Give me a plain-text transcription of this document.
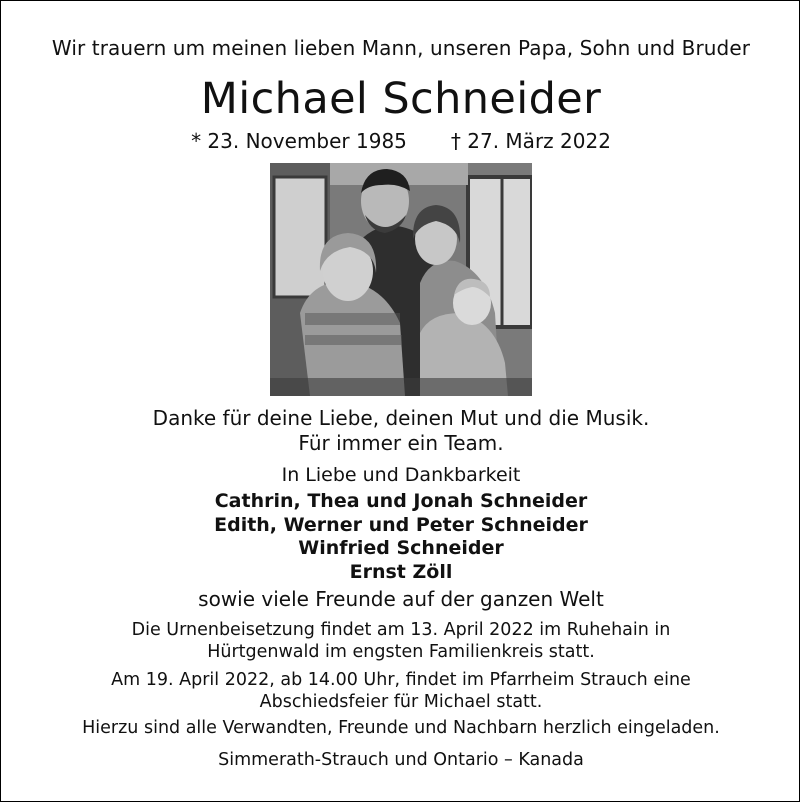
Wir trauern um meinen lieben Mann, unseren Papa, Sohn und Bruder
Michael Schneider
* 23. November 1985 † 27. März 2022
Danke für deine Liebe, deinen Mut und die Musik.
Für immer ein Team.
In Liebe und Dankbarkeit
Cathrin, Thea und Jonah Schneider
Edith, Werner und Peter Schneider
Winfried Schneider
Ernst Zöll
sowie viele Freunde auf der ganzen Welt
Die Urnenbeisetzung findet am 13. April 2022 im Ruhehain in
Hürtgenwald im engsten Familienkreis statt.
Am 19. April 2022, ab 14.00 Uhr, findet im Pfarrheim Strauch eine
Abschiedsfeier für Michael statt.
Hierzu sind alle Verwandten, Freunde und Nachbarn herzlich eingeladen.
Simmerath-Strauch und Ontario – Kanada
